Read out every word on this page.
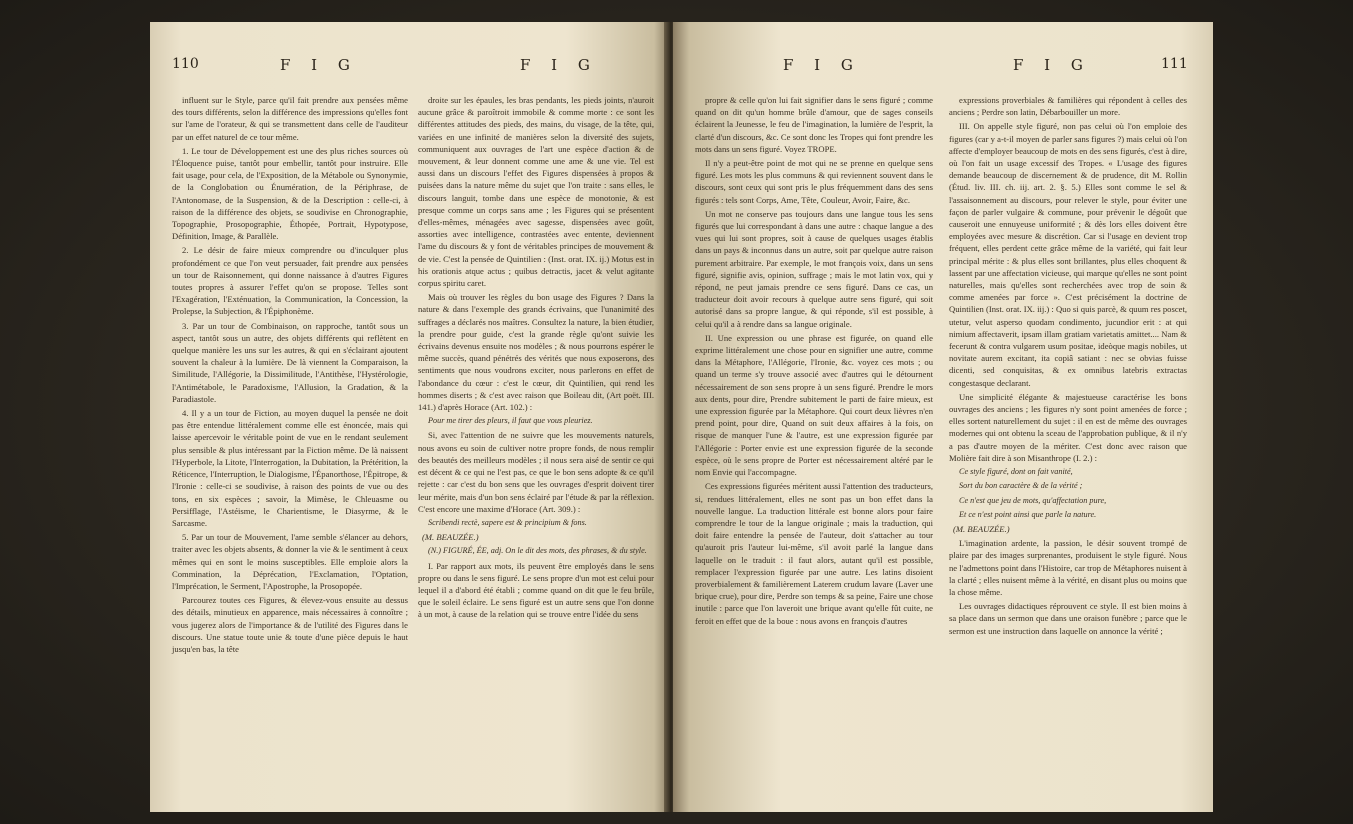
110	F I G	F I G

influent sur le Style, parce qu'il fait prendre aux pensées même des tours différents, selon la différence des impressions qu'elles font sur l'ame de l'orateur, & qui se transmettent dans celle de l'auditeur par un effet naturel de ce tour même.

1. Le tour de Développement est une des plus riches sources où l'Éloquence puise, tantôt pour embellir, tantôt pour instruire. Elle fait usage, pour cela, de l'Exposition, de la Métabole ou Synonymie, de la Conglobation ou Énumération, de la Périphrase, de l'Antonomase, de la Suspension, & de la Description : celle-ci, à raison de la différence des objets, se soudivise en Chronographie, Topographie, Prosopographie, Éthopée, Portrait, Hypotypose, Définition, Image, & Parallèle.

2. Le désir de faire mieux comprendre ou d'inculquer plus profondément ce que l'on veut persuader, fait prendre aux pensées un tour de Raisonnement, qui donne naissance à d'autres Figures toutes propres à assurer l'effet qu'on se propose. Telles sont l'Exagération, l'Exténuation, la Communication, la Concession, la Prolepse, la Subjection, & l'Épiphonème.

3. Par un tour de Combinaison, on rapproche, tantôt sous un aspect, tantôt sous un autre, des objets différents qui reflètent en quelque manière les uns sur les autres, & qui en s'éclairant ajoutent souvent la chaleur à la lumière. De là viennent la Comparaison, la Similitude, l'Allégorie, la Dissimilitude, l'Antithèse, l'Hystérologie, l'Antimétabole, le Paradoxisme, l'Allusion, la Gradation, & la Paradiastole.

4. Il y a un tour de Fiction, au moyen duquel la pensée ne doit pas être entendue littéralement comme elle est énoncée, mais qui laisse apercevoir le véritable point de vue en le rendant seulement plus sensible & plus intéressant par la Fiction même. De là naissent l'Hyperbole, la Litote, l'Interrogation, la Dubitation, la Prétérition, la Réticence, l'Interruption, le Dialogisme, l'Épanorthose, l'Épitrope, & l'Ironie : celle-ci se soudivise, à raison des points de vue ou des tons, en six espèces ; savoir, la Mimèse, le Chleuasme ou Persifflage, l'Astéisme, le Charientisme, le Diasyrme, & le Sarcasme.

5. Par un tour de Mouvement, l'ame semble s'élancer au dehors, traiter avec les objets absents, & donner la vie & le sentiment à ceux mêmes qui en sont le moins susceptibles. Elle emploie alors la Commination, la Déprécation, l'Exclamation, l'Optation, l'Imprécation, le Serment, l'Apostrophe, la Prosopopée.

Parcourez toutes ces Figures, & élevez-vous ensuite au dessus des détails, minutieux en apparence, mais nécessaires à connoître ; vous jugerez alors de l'importance & de l'utilité des Figures dans le discours. Une statue toute unie & toute d'une pièce depuis le haut jusqu'en bas, la tête

droite sur les épaules, les bras pendants, les pieds joints, n'auroit aucune grâce & paroîtroit immobile & comme morte : ce sont les différentes attitudes des pieds, des mains, du visage, de la tête, qui, variées en une infinité de manières selon la diversité des sujets, communiquent aux ouvrages de l'art une espèce d'action & de mouvement, & leur donnent comme une ame & une vie. Tel est aussi dans un discours l'effet des Figures dispensées à propos & puisées dans la nature même du sujet que l'on traite : sans elles, le discours languit, tombe dans une espèce de monotonie, & est presque comme un corps sans ame ; les Figures qui se présentent d'elles-mêmes, ménagées avec sagesse, dispensées avec goût, assorties avec intelligence, contrastées avec entente, deviennent l'ame du discours & y font de véritables principes de mouvement & de vie. C'est la pensée de Quintilien : (Inst. orat. IX. ij.) Motus est in his orationis atque actus ; quibus detractis, jacet & velut agitante corpus spiritu caret.

Mais où trouver les règles du bon usage des Figures ? Dans la nature & dans l'exemple des grands écrivains, que l'unanimité des suffrages a déclarés nos maîtres. Consultez la nature, la bien étudier, la prendre pour guide, c'est la grande règle qu'ont suivie les écrivains devenus ensuite nos modèles ; & nous pourrons espérer le même succès, quand pénétrés des vérités que nous exposerons, des sentiments que nous voudrons exciter, nous parlerons en effet de l'abondance du cœur : c'est le cœur, dit Quintilien, qui rend les hommes diserts ; & c'est avec raison que Boileau dit, (Art poët. III. 141.) d'après Horace (Art. 102.) :

Pour me tirer des pleurs, il faut que vous pleuriez.

Si, avec l'attention de ne suivre que les mouvements naturels, nous avons eu soin de cultiver notre propre fonds, de nous remplir des beautés des meilleurs modèles ; il nous sera aisé de sentir ce qui est décent & ce qui ne l'est pas, ce que le bon sens adopte & ce qu'il rejette : car c'est du bon sens que les ouvrages d'esprit doivent tirer leur mérite, mais d'un bon sens éclairé par l'étude & par la réflexion. C'est encore une maxime d'Horace (Art. 309.) :

Scribendi rectè, sapere est & principium & fons.

(M. BEAUZÉE.)

(N.) FIGURÉ, ÉE, adj. On le dit des mots, des phrases, & du style.

I. Par rapport aux mots, ils peuvent être employés dans le sens propre ou dans le sens figuré. Le sens propre d'un mot est celui pour lequel il a d'abord été établi ; comme quand on dit que le feu brûle, que le soleil éclaire. Le sens figuré est un autre sens que l'on donne à un mot, à cause de la relation qui se trouve entre l'idée du sens

F I G	F I G	111

propre & celle qu'on lui fait signifier dans le sens figuré ; comme quand on dit qu'un homme brûle d'amour, que de sages conseils éclairent la Jeunesse, le feu de l'imagination, la lumière de l'esprit, la clarté d'un discours, &c. Ce sont donc les Tropes qui font prendre les mots dans un sens figuré. Voyez TROPE.

Il n'y a peut-être point de mot qui ne se prenne en quelque sens figuré. Les mots les plus communs & qui reviennent souvent dans le discours, sont ceux qui sont pris le plus fréquemment dans des sens figurés : tels sont Corps, Ame, Tête, Couleur, Avoir, Faire, &c.

Un mot ne conserve pas toujours dans une langue tous les sens figurés que lui correspondant à dans une autre : chaque langue a des vues qui lui sont propres, soit à cause de quelques usages établis dans un pays & inconnus dans un autre, soit par quelque autre raison purement arbitraire. Par exemple, le mot françois voix, dans un sens figuré, signifie avis, opinion, suffrage ; mais le mot latin vox, qui y répond, ne peut jamais prendre ce sens figuré. Dans ce cas, un traducteur doit avoir recours à quelque autre sens figuré, qui soit autorisé dans sa propre langue, & qui réponde, s'il est possible, à celui qu'il a à rendre dans sa langue originale.

II. Une expression ou une phrase est figurée, on quand elle exprime littéralement une chose pour en signifier une autre, comme dans la Métaphore, l'Allégorie, l'Ironie, &c. voyez ces mots ; ou quand un terme s'y trouve associé avec d'autres qui le détournent nécessairement de son sens propre à un sens figuré. Prendre le mors aux dents, pour dire, Prendre subitement le parti de faire mieux, est une expression figurée par la Métaphore. Qui court deux lièvres n'en prend point, pour dire, Quand on suit deux affaires à la fois, on risque de manquer l'une & l'autre, est une expression figurée par l'Allégorie : Porter envie est une expression figurée de la seconde espèce, où le sens propre de Porter est nécessairement altéré par le nom Envie qui l'accompagne.

Ces expressions figurées méritent aussi l'attention des traducteurs, si, rendues littéralement, elles ne sont pas un bon effet dans la nouvelle langue. La traduction littérale est bonne alors pour faire comprendre le tour de la langue originale ; mais la traduction, qui doit faire entendre la pensée de l'auteur, doit s'attacher au tour qu'auroit pris l'auteur lui-même, s'il avoit parlé la langue dans laquelle on le traduit : il faut alors, autant qu'il est possible, remplacer l'expression figurée par une autre. Les latins disoient proverbialement & familièrement Laterem crudum lavare (Laver une brique crue), pour dire, Perdre son temps & sa peine, Faire une chose inutile : parce que l'on laveroit une brique avant qu'elle fût cuite, ne feroit en effet que de la boue : nous avons en françois d'autres

expressions proverbiales & familières qui répondent à celles des anciens ; Perdre son latin, Débarbouiller un more.

III. On appelle style figuré, non pas celui où l'on emploie des figures (car y a-t-il moyen de parler sans figures ?) mais celui où l'on affecte d'employer beaucoup de mots en des sens figurés, c'est à dire, où l'on fait un usage excessif des Tropes. « L'usage des figures demande beaucoup de discernement & de prudence, dit M. Rollin (Étud. liv. III. ch. iij. art. 2. §. 5.) Elles sont comme le sel & l'assaisonnement au discours, pour relever le style, pour éviter une façon de parler vulgaire & commune, pour prévenir le dégoût que causeroit une ennuyeuse uniformité ; & dès lors elles doivent être employées avec mesure & discrétion. Car si l'usage en devient trop fréquent, elles perdent cette grâce même de la variété, qui fait leur principal mérite : & plus elles sont brillantes, plus elles choquent & lassent par une affectation vicieuse, qui marque qu'elles ne sont point naturelles, mais qu'elles sont recherchées avec trop de soin & comme amenées par force ». C'est précisément la doctrine de Quintilien (Inst. orat. IX. iij.) : Quo si quis parcè, & quum res poscet, utetur, velut asperso quodam condimento, jucundior erit : at qui nimium affectaverit, ipsam illam gratiam varietatis amittet.... Nam & fecerunt & contra vulgarem usum positae, ideòque magis nobiles, ut novitate aurem excitant, ita copiâ satiant : nec se obvias fuisse dicenti, sed conquisitas, & ex omnibus latebris extractas congestasque declarant.

Une simplicité élégante & majestueuse caractérise les bons ouvrages des anciens ; les figures n'y sont point amenées de force ; elles sortent naturellement du sujet : il en est de même des ouvrages modernes qui ont obtenu la sceau de l'approbation publique, & il n'y a pas d'autre moyen de la mériter. C'est donc avec raison que Molière fait dire à son Misanthrope (I. 2.) :

Ce style figuré, dont on fait vanité,

Sort du bon caractère & de la vérité ;

Ce n'est que jeu de mots, qu'affectation pure,

Et ce n'est point ainsi que parle la nature.

(M. BEAUZÉE.)

L'imagination ardente, la passion, le désir souvent trompé de plaire par des images surprenantes, produisent le style figuré. Nous ne l'admettons point dans l'Histoire, car trop de Métaphores nuisent à la clarté ; elles nuisent même à la vérité, en disant plus ou moins que la chose même.

Les ouvrages didactiques réprouvent ce style. Il est bien moins à sa place dans un sermon que dans une oraison funèbre ; parce que le sermon est une instruction dans laquelle on annonce la vérité ;
